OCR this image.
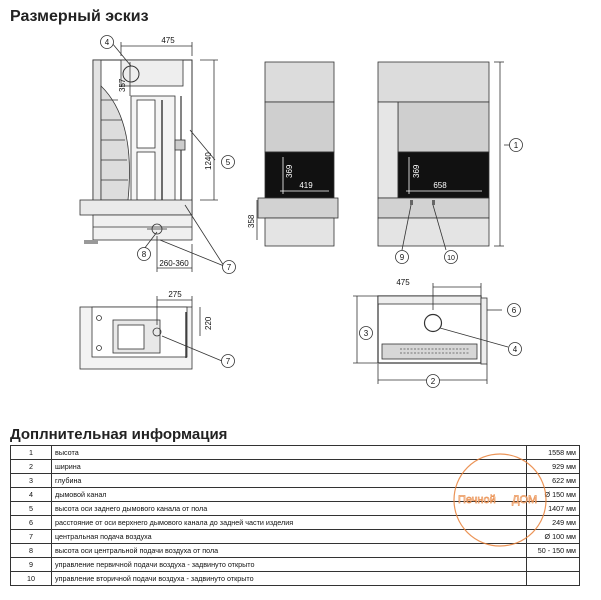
Размерный эскиз
475
357
1240
358
260-360
369
419
369
658
275
220
475
4
5
8
7
9	10
1
7
3
6
4
2
Доплнительная информация
1	высота	1558 мм
2	ширина	929 мм
3	глубина	622 мм
4	дымовой канал	Ø 150 мм
5	высота оси заднего дымового канала от пола	1407 мм
6	расстояние от оси верхнего дымового канала до задней части изделия	249 мм
7	центральная подача воздуха	Ø 100 мм
8	высота оси центральной подачи воздуха от пола	50 - 150 мм
9	управление первичной подачи воздуха - задвинуто открыто	
10	управление вторичной подачи воздуха - задвинуто открыто	
Печной ДОМ
